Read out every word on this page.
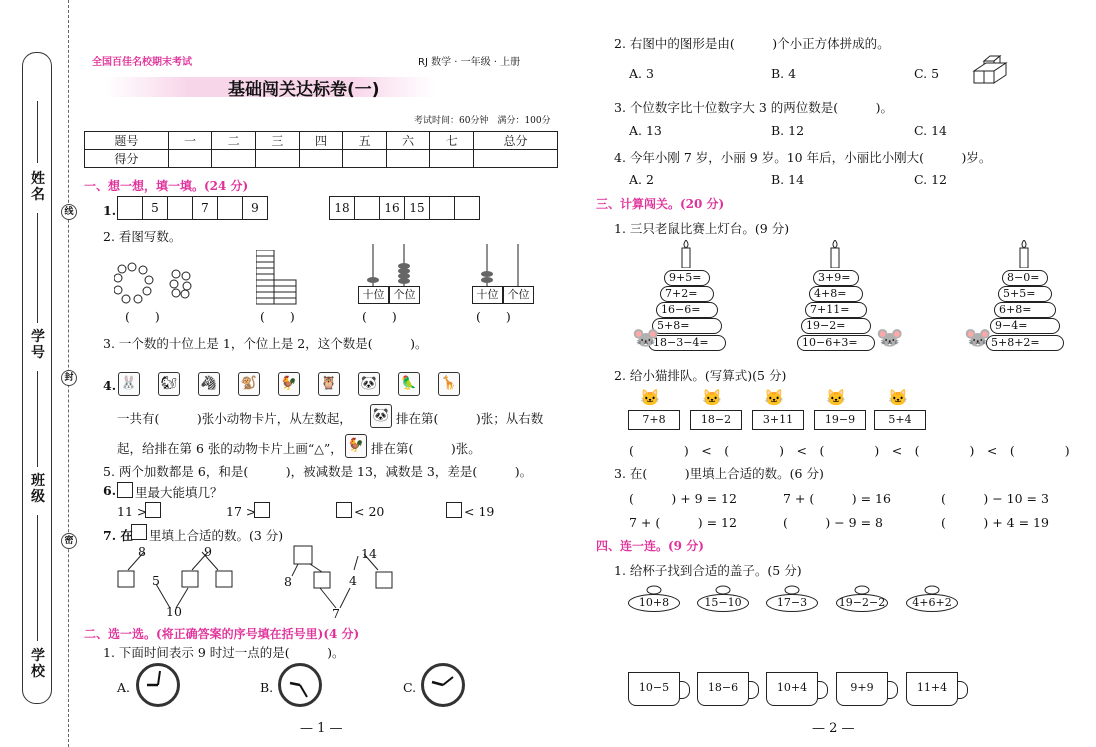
姓名
学号
班级
学校
线
封
密
全国百佳名校期末考试	RJ 数学 · 一年级 · 上册
基础闯关达标卷(一)
考试时间：60分钟　满分：100分
题号	一	二	三	四	五	六	七	总分
得分								
一、想一想，填一填。(24 分)
1.	5	7	9	18	16 15
2. 看图写数。
十位 个位	十位 个位
(　　)	(　　)	(　　)	(　　)
3. 一个数的十位上是 1，个位上是 2，这个数是(　　　)。
4. 🐰 🐿 🦓 🐒 🐓 🦉 🐼 🦜 🦒
一共有(　　　)张小动物卡片，从左数起， 🐼 排在第(　　　)张；从右数
起，给排在第 6 张的动物卡片上画“△”， 🐓 排在第(　　　)张。
5. 两个加数都是 6，和是(　　　)，被减数是 13，减数是 3，差是(　　　)。
6. 里最大能填几？
11 >	17 >	< 20	< 19
7. 在 里填上合适的数。(3 分)
8	9
5
10
8	4
14
7
二、选一选。(将正确答案的序号填在括号里)(4 分)
1. 下面时间表示 9 时过一点的是(　　　)。
A.	B.	C.
— 1 —
2. 右图中的图形是由(　　　)个小正方体拼成的。
A. 3	B. 4	C. 5
3. 个位数字比十位数字大 3 的两位数是(　　　)。
A. 13	B. 12	C. 14
4. 今年小刚 7 岁，小丽 9 岁。10 年后，小丽比小刚大(　　　)岁。
A. 2	B. 14	C. 12
三、计算闯关。(20 分)
1. 三只老鼠比赛上灯台。(9 分)
9+5=
7+2=
16−6=
5+8=
18−3−4=
🐭
3+9=
4+8=
7+11=
19−2=
10−6+3= 🐭
8−0=
5+5=
6+8=
9−4=
5+8+2=
🐭
2. 给小猫排队。(写算式)(5 分)
🐱
7+8
🐱
18−2
🐱
3+11
🐱
19−9
🐱
5+4
(　　　　)　<　(　　　　)　<　(　　　　)　<　(　　　　)　<　(　　　　)
3. 在(　　　)里填上合适的数。(6 分)
(　　　) + 9 = 12	7 + (　　　) = 16	(　　　) − 10 = 3
7 + (　　　) = 12	(　　　) − 9 = 8	(　　　) + 4 = 19
四、连一连。(9 分)
1. 给杯子找到合适的盖子。(5 分)
10+8	15−10	17−3	19−2−2	4+6+2
10−5	18−6	10+4	9+9	11+4
— 2 —
